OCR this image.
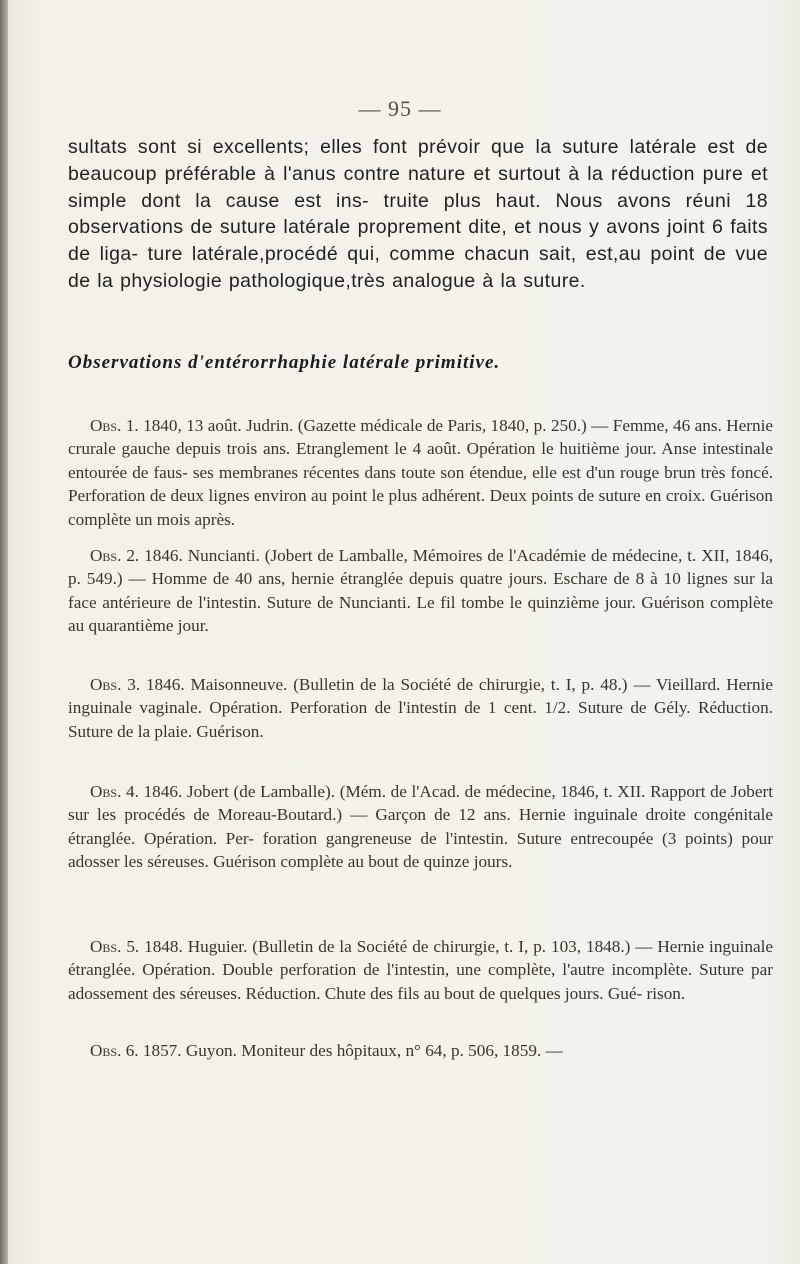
— 95 —
sultats sont si excellents; elles font prévoir que la suture latérale est de beaucoup préférable à l'anus contre nature et surtout à la réduction pure et simple dont la cause est ins- truite plus haut. Nous avons réuni 18 observations de suture latérale proprement dite, et nous y avons joint 6 faits de liga- ture latérale,procédé qui, comme chacun sait, est,au point de vue de la physiologie pathologique,très analogue à la suture.
Observations d'entérorrhaphie latérale primitive.

Obs. 1. 1840, 13 août. Judrin. (Gazette médicale de Paris, 1840, p. 250.) — Femme, 46 ans. Hernie crurale gauche depuis trois ans. Etranglement le 4 août. Opération le huitième jour. Anse intestinale entourée de faus- ses membranes récentes dans toute son étendue, elle est d'un rouge brun très foncé. Perforation de deux lignes environ au point le plus adhérent. Deux points de suture en croix. Guérison complète un mois après.

Obs. 2. 1846. Nuncianti. (Jobert de Lamballe, Mémoires de l'Académie de médecine, t. XII, 1846, p. 549.) — Homme de 40 ans, hernie étranglée depuis quatre jours. Eschare de 8 à 10 lignes sur la face antérieure de l'intestin. Suture de Nuncianti. Le fil tombe le quinzième jour. Guérison complète au quarantième jour.

Obs. 3. 1846. Maisonneuve. (Bulletin de la Société de chirurgie, t. I, p. 48.) — Vieillard. Hernie inguinale vaginale. Opération. Perforation de l'intestin de 1 cent. 1/2. Suture de Gély. Réduction. Suture de la plaie. Guérison.

Obs. 4. 1846. Jobert (de Lamballe). (Mém. de l'Acad. de médecine, 1846, t. XII. Rapport de Jobert sur les procédés de Moreau-Boutard.) — Garçon de 12 ans. Hernie inguinale droite congénitale étranglée. Opération. Per- foration gangreneuse de l'intestin. Suture entrecoupée (3 points) pour adosser les séreuses. Guérison complète au bout de quinze jours.

Obs. 5. 1848. Huguier. (Bulletin de la Société de chirurgie, t. I, p. 103, 1848.) — Hernie inguinale étranglée. Opération. Double perforation de l'intestin, une complète, l'autre incomplète. Suture par adossement des séreuses. Réduction. Chute des fils au bout de quelques jours. Gué- rison.

Obs. 6. 1857. Guyon. Moniteur des hôpitaux, n° 64, p. 506, 1859. —
